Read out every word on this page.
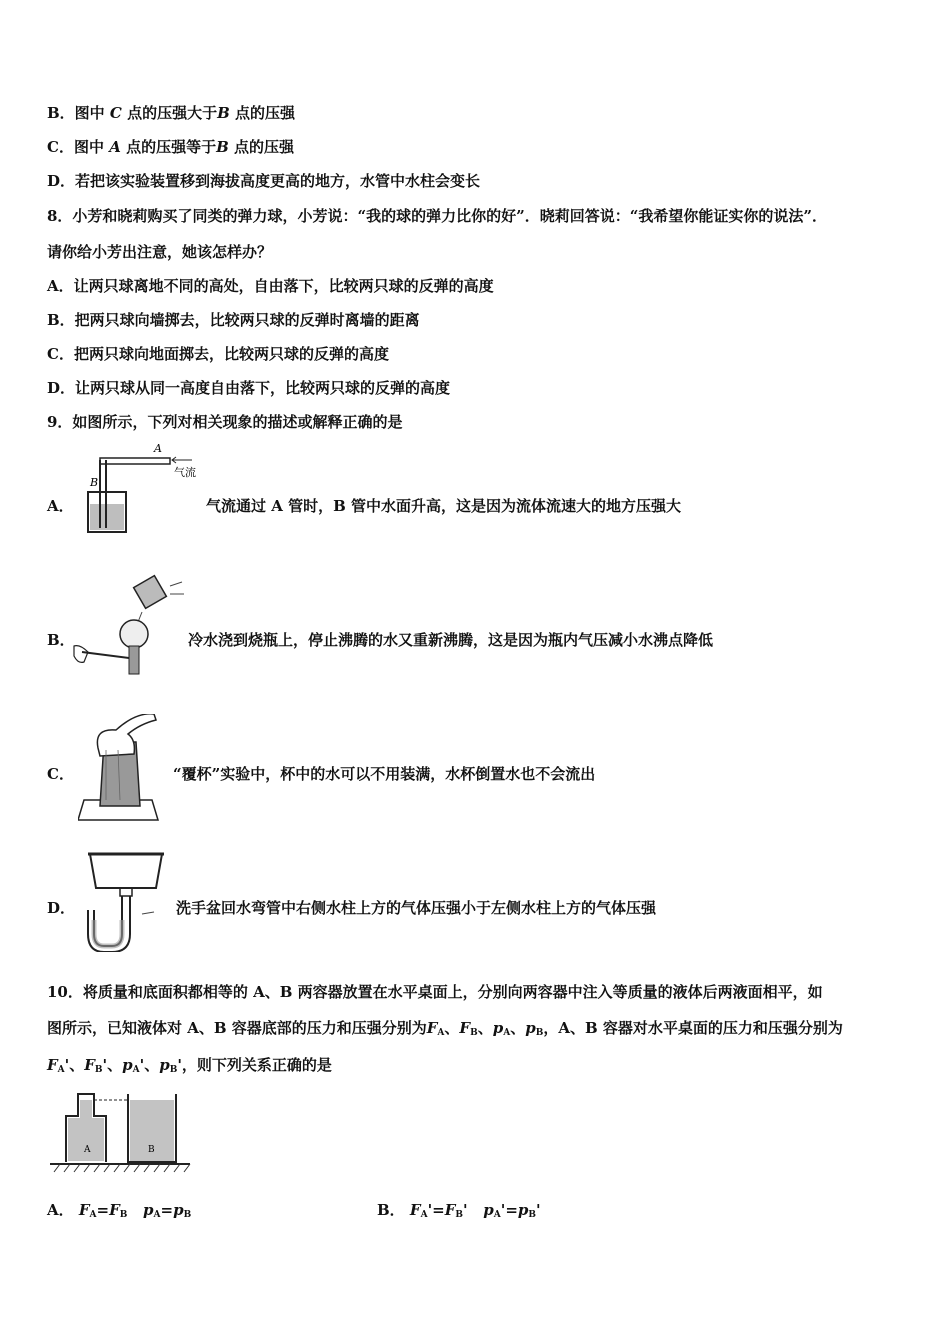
B．图中 C 点的压强大于B 点的压强
C．图中 A 点的压强等于B 点的压强
D．若把该实验装置移到海拔高度更高的地方，水管中水柱会变长
8．小芳和晓莉购买了同类的弹力球，小芳说：“我的球的弹力比你的好”．晓莉回答说：“我希望你能证实你的说法”．
请你给小芳出注意，她该怎样办？
A．让两只球离地不同的高处，自由落下，比较两只球的反弹的高度
B．把两只球向墙掷去，比较两只球的反弹时离墙的距离
C．把两只球向地面掷去，比较两只球的反弹的高度
D．让两只球从同一高度自由落下，比较两只球的反弹的高度
9．如图所示，下列对相关现象的描述或解释正确的是
A．
A
B
气流
气流通过 A 管时，B 管中水面升高，这是因为流体流速大的地方压强大
B．	冷水浇到烧瓶上，停止沸腾的水又重新沸腾，这是因为瓶内气压减小水沸点降低
C．	“覆杯”实验中，杯中的水可以不用装满，水杯倒置水也不会流出
D．	洗手盆回水弯管中右侧水柱上方的气体压强小于左侧水柱上方的气体压强
10．将质量和底面积都相等的 A、B 两容器放置在水平桌面上，分别向两容器中注入等质量的液体后两液面相平，如
图所示，已知液体对 A、B 容器底部的压力和压强分别为$F_A$、$F_B$、$p_A$、$p_B$，A、B 容器对水平桌面的压力和压强分别为
$F_A'$、$F_B'$、$p_A'$、$p_B'$，则下列关系正确的是
A	B
A． $F_A=F_B$ $p_A=p_B$	B． $F_A'=F_B'$ $p_A'=p_B'$
